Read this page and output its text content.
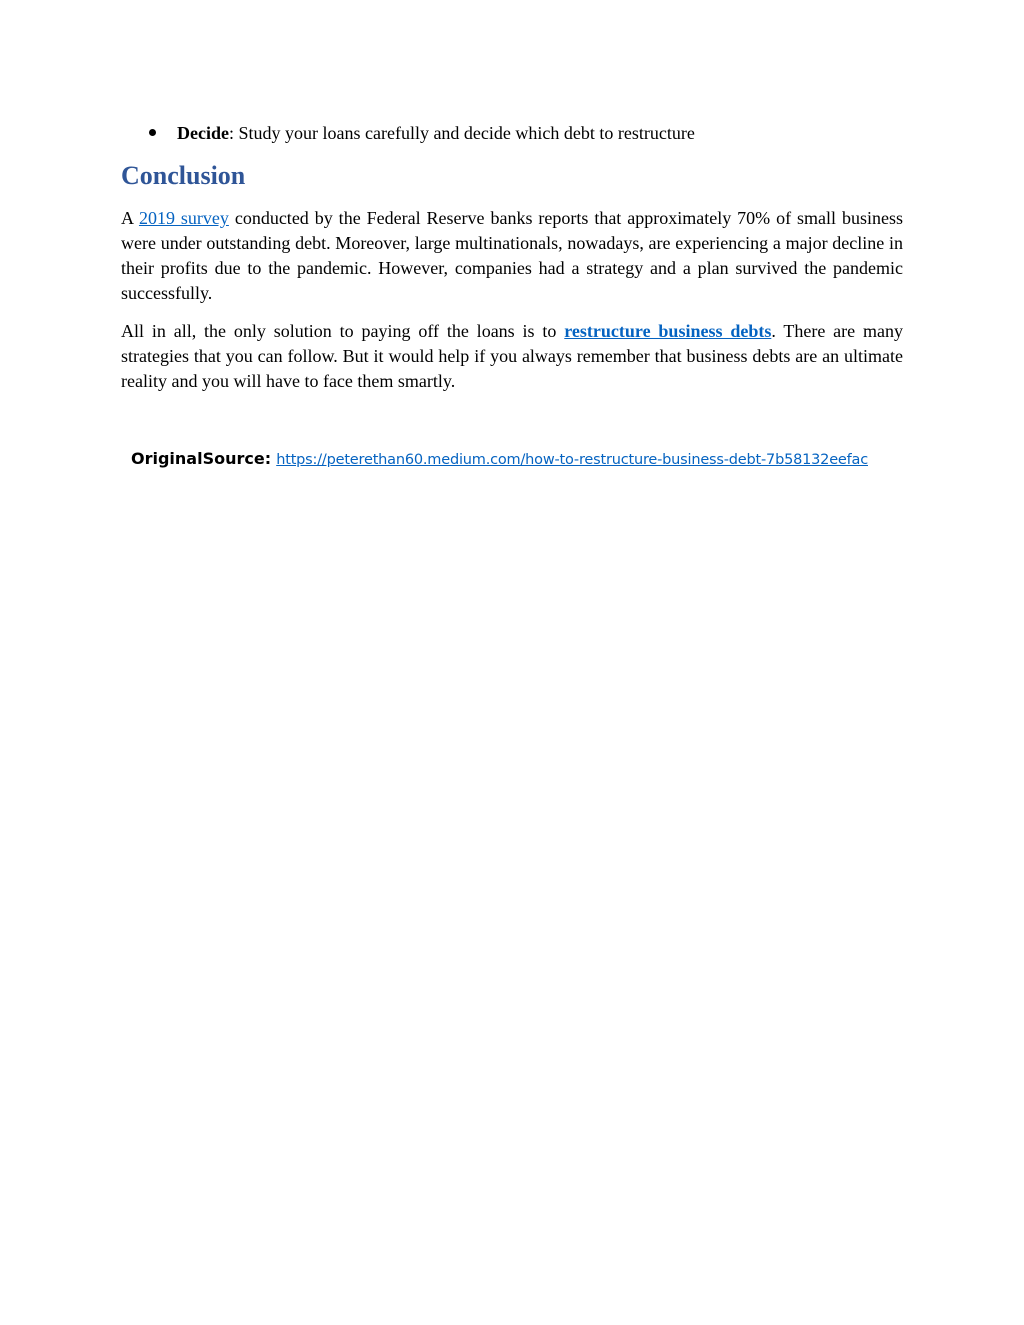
Decide: Study your loans carefully and decide which debt to restructure
Conclusion

A 2019 survey conducted by the Federal Reserve banks reports that approximately 70% of small business were under outstanding debt. Moreover, large multinationals, nowadays, are experiencing a major decline in their profits due to the pandemic. However, companies had a strategy and a plan survived the pandemic successfully.

All in all, the only solution to paying off the loans is to restructure business debts. There are many strategies that you can follow. But it would help if you always remember that business debts are an ultimate reality and you will have to face them smartly.

OriginalSource: https://peterethan60.medium.com/how-to-restructure-business-debt-7b58132eefac
